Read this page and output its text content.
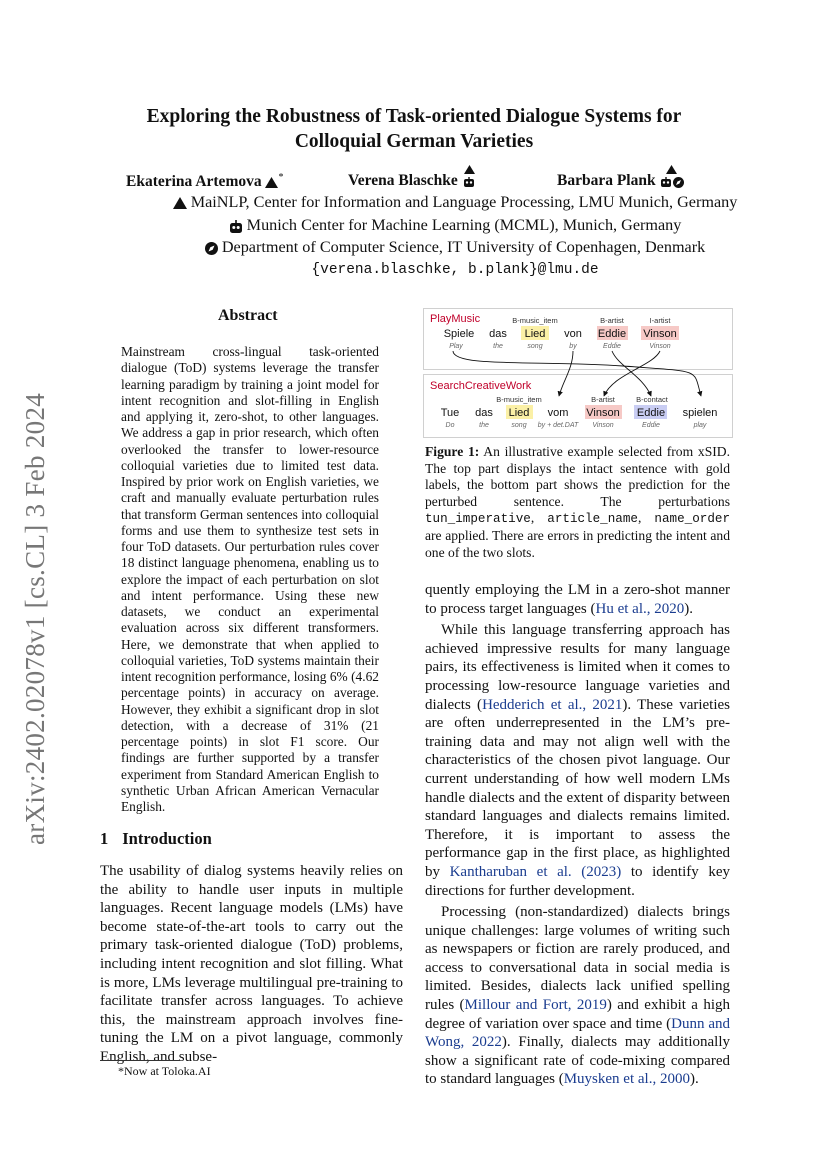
arXiv:2402.02078v1 [cs.CL] 3 Feb 2024
Exploring the Robustness of Task-oriented Dialogue Systems for
Colloquial German Varieties
Ekaterina Artemova *	Verena Blaschke	Barbara Plank
MaiNLP, Center for Information and Language Processing, LMU Munich, Germany
Munich Center for Machine Learning (MCML), Munich, Germany
Department of Computer Science, IT University of Copenhagen, Denmark
{verena.blaschke, b.plank}@lmu.de
Abstract

Mainstream cross-lingual task-oriented dialogue (ToD) systems leverage the transfer learning paradigm by training a joint model for intent recognition and slot-filling in English and applying it, zero-shot, to other languages. We address a gap in prior research, which often overlooked the transfer to lower-resource colloquial varieties due to limited test data. Inspired by prior work on English varieties, we craft and manually evaluate perturbation rules that transform German sentences into colloquial forms and use them to synthesize test sets in four ToD datasets. Our perturbation rules cover 18 distinct language phenomena, enabling us to explore the impact of each perturbation on slot and intent performance. Using these new datasets, we conduct an experimental evaluation across six different transformers. Here, we demonstrate that when applied to colloquial varieties, ToD systems maintain their intent recognition performance, losing 6% (4.62 percentage points) in accuracy on average. However, they exhibit a significant drop in slot detection, with a decrease of 31% (21 percentage points) in slot F1 score. Our findings are further supported by a transfer experiment from Standard American English to synthetic Urban African American Vernacular English.

1 Introduction

The usability of dialog systems heavily relies on the ability to handle user inputs in multiple languages. Recent language models (LMs) have become state-of-the-art tools to carry out the primary task-oriented dialogue (ToD) problems, including intent recognition and slot filling. What is more, LMs leverage multilingual pre-training to facilitate transfer across languages. To achieve this, the mainstream approach involves fine-tuning the LM on a pivot language, commonly English, and subse-

*Now at Toloka.AI
PlayMusic	B-music_item	B-artist	I-artist
Spiele das Lied von Eddie Vinson
Play	the	song	by	Eddie	Vinson
SearchCreativeWork
B-music_item	B-artist	B-contact
Tue das Lied vom Vinson Eddie spielen
Do	the	song by + det.DAT Vinson	Eddie	play
Figure 1: An illustrative example selected from xSID. The top part displays the intact sentence with gold labels, the bottom part shows the prediction for the perturbed sentence. The perturbations tun_imperative, article_name, name_order are applied. There are errors in predicting the intent and one of the two slots.

quently employing the LM in a zero-shot manner to process target languages (Hu et al., 2020).

While this language transferring approach has achieved impressive results for many language pairs, its effectiveness is limited when it comes to processing low-resource language varieties and dialects (Hedderich et al., 2021). These varieties are often underrepresented in the LM’s pre-training data and may not align well with the characteristics of the chosen pivot language. Our current understanding of how well modern LMs handle dialects and the extent of disparity between standard languages and dialects remains limited. Therefore, it is important to assess the performance gap in the first place, as highlighted by Kantharuban et al. (2023) to identify key directions for further development.

Processing (non-standardized) dialects brings unique challenges: large volumes of writing such as newspapers or fiction are rarely produced, and access to conversational data in social media is limited. Besides, dialects lack unified spelling rules (Millour and Fort, 2019) and exhibit a high degree of variation over space and time (Dunn and Wong, 2022). Finally, dialects may additionally show a significant rate of code-mixing compared to standard languages (Muysken et al., 2000).
